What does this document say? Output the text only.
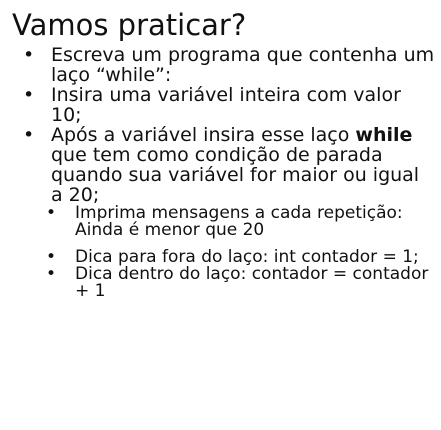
Vamos praticar?
• Escreva um programa que contenha um laço “while”:
• Insira uma variável inteira com valor 10;
• Após a variável insira esse laço while que tem como condição de parada quando sua variável for maior ou igual a 20;
• Imprima mensagens a cada repetição: Ainda é menor que 20
• Dica para fora do laço: int contador = 1;
• Dica dentro do laço: contador = contador + 1
